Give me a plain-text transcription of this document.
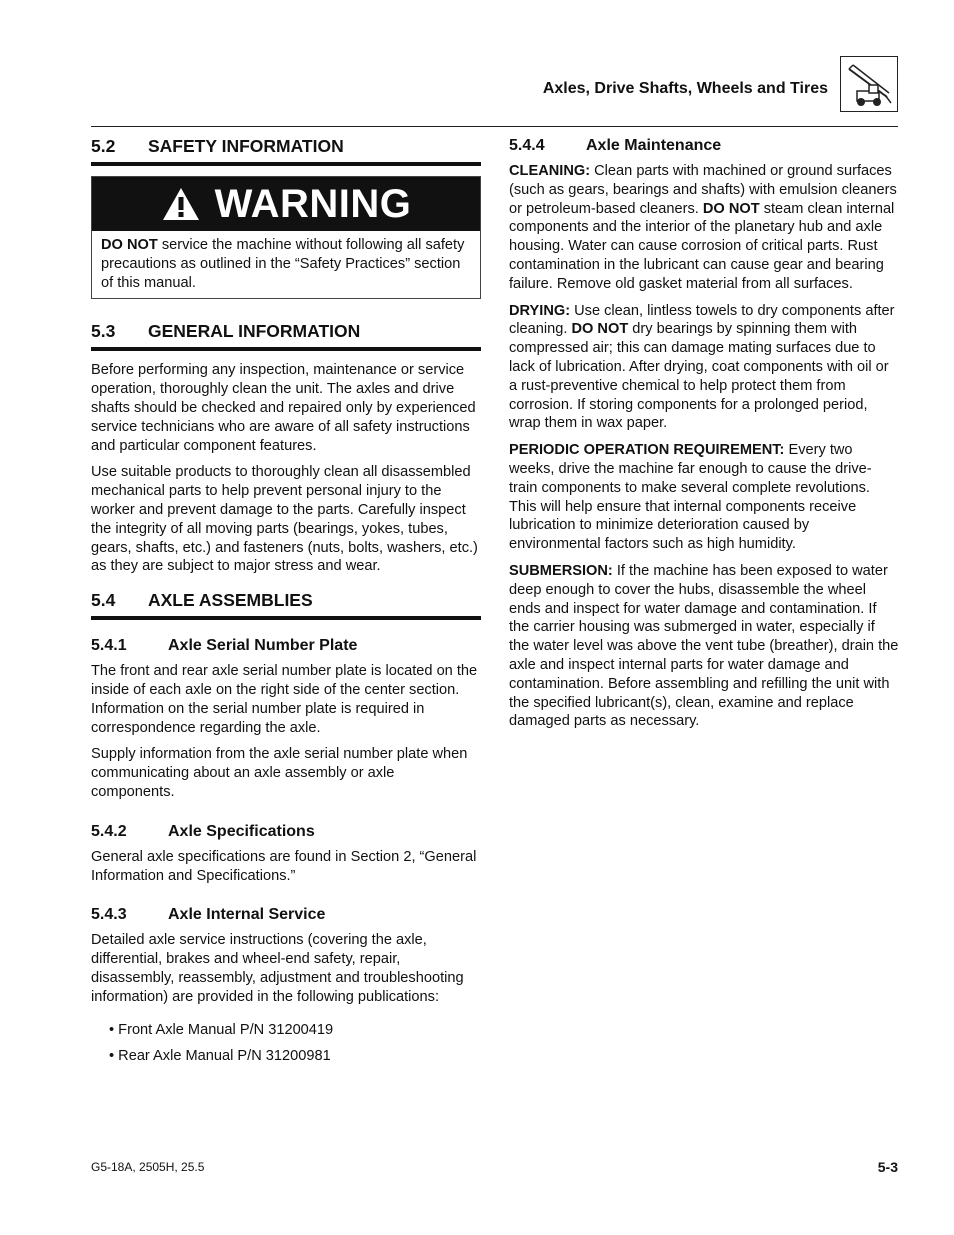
Axles, Drive Shafts, Wheels and Tires
5.2	SAFETY INFORMATION
WARNING
DO NOT service the machine without following all safety precautions as outlined in the “Safety Practices” section of this manual.
5.3	GENERAL INFORMATION

Before performing any inspection, maintenance or service operation, thoroughly clean the unit. The axles and drive shafts should be checked and repaired only by experienced service technicians who are aware of all safety instructions and particular component features.

Use suitable products to thoroughly clean all disassembled mechanical parts to help prevent personal injury to the worker and prevent damage to the parts. Carefully inspect the integrity of all moving parts (bearings, yokes, tubes, gears, shafts, etc.) and fasteners (nuts, bolts, washers, etc.) as they are subject to major stress and wear.

5.4	AXLE ASSEMBLIES
5.4.1	Axle Serial Number Plate

The front and rear axle serial number plate is located on the inside of each axle on the right side of the center section. Information on the serial number plate is required in correspondence regarding the axle.

Supply information from the axle serial number plate when communicating about an axle assembly or axle components.

5.4.2	Axle Specifications

General axle specifications are found in Section 2, “General Information and Specifications.”

5.4.3	Axle Internal Service

Detailed axle service instructions (covering the axle, differential, brakes and wheel-end safety, repair, disassembly, reassembly, adjustment and troubleshooting information) are provided in the following publications:

• Front Axle Manual P/N 31200419
• Rear Axle Manual P/N 31200981
5.4.4	Axle Maintenance

CLEANING: Clean parts with machined or ground surfaces (such as gears, bearings and shafts) with emulsion cleaners or petroleum-based cleaners. DO NOT steam clean internal components and the interior of the planetary hub and axle housing. Water can cause corrosion of critical parts. Rust contamination in the lubricant can cause gear and bearing failure. Remove old gasket material from all surfaces.

DRYING: Use clean, lintless towels to dry components after cleaning. DO NOT dry bearings by spinning them with compressed air; this can damage mating surfaces due to lack of lubrication. After drying, coat components with oil or a rust-preventive chemical to help protect them from corrosion. If storing components for a prolonged period, wrap them in wax paper.

PERIODIC OPERATION REQUIREMENT: Every two weeks, drive the machine far enough to cause the drive-train components to make several complete revolutions. This will help ensure that internal components receive lubrication to minimize deterioration caused by environmental factors such as high humidity.

SUBMERSION: If the machine has been exposed to water deep enough to cover the hubs, disassemble the wheel ends and inspect for water damage and contamination. If the carrier housing was submerged in water, especially if the water level was above the vent tube (breather), drain the axle and inspect internal parts for water damage and contamination. Before assembling and refilling the unit with the specified lubricant(s), clean, examine and replace damaged parts as necessary.

G5-18A, 2505H, 25.5	5-3
